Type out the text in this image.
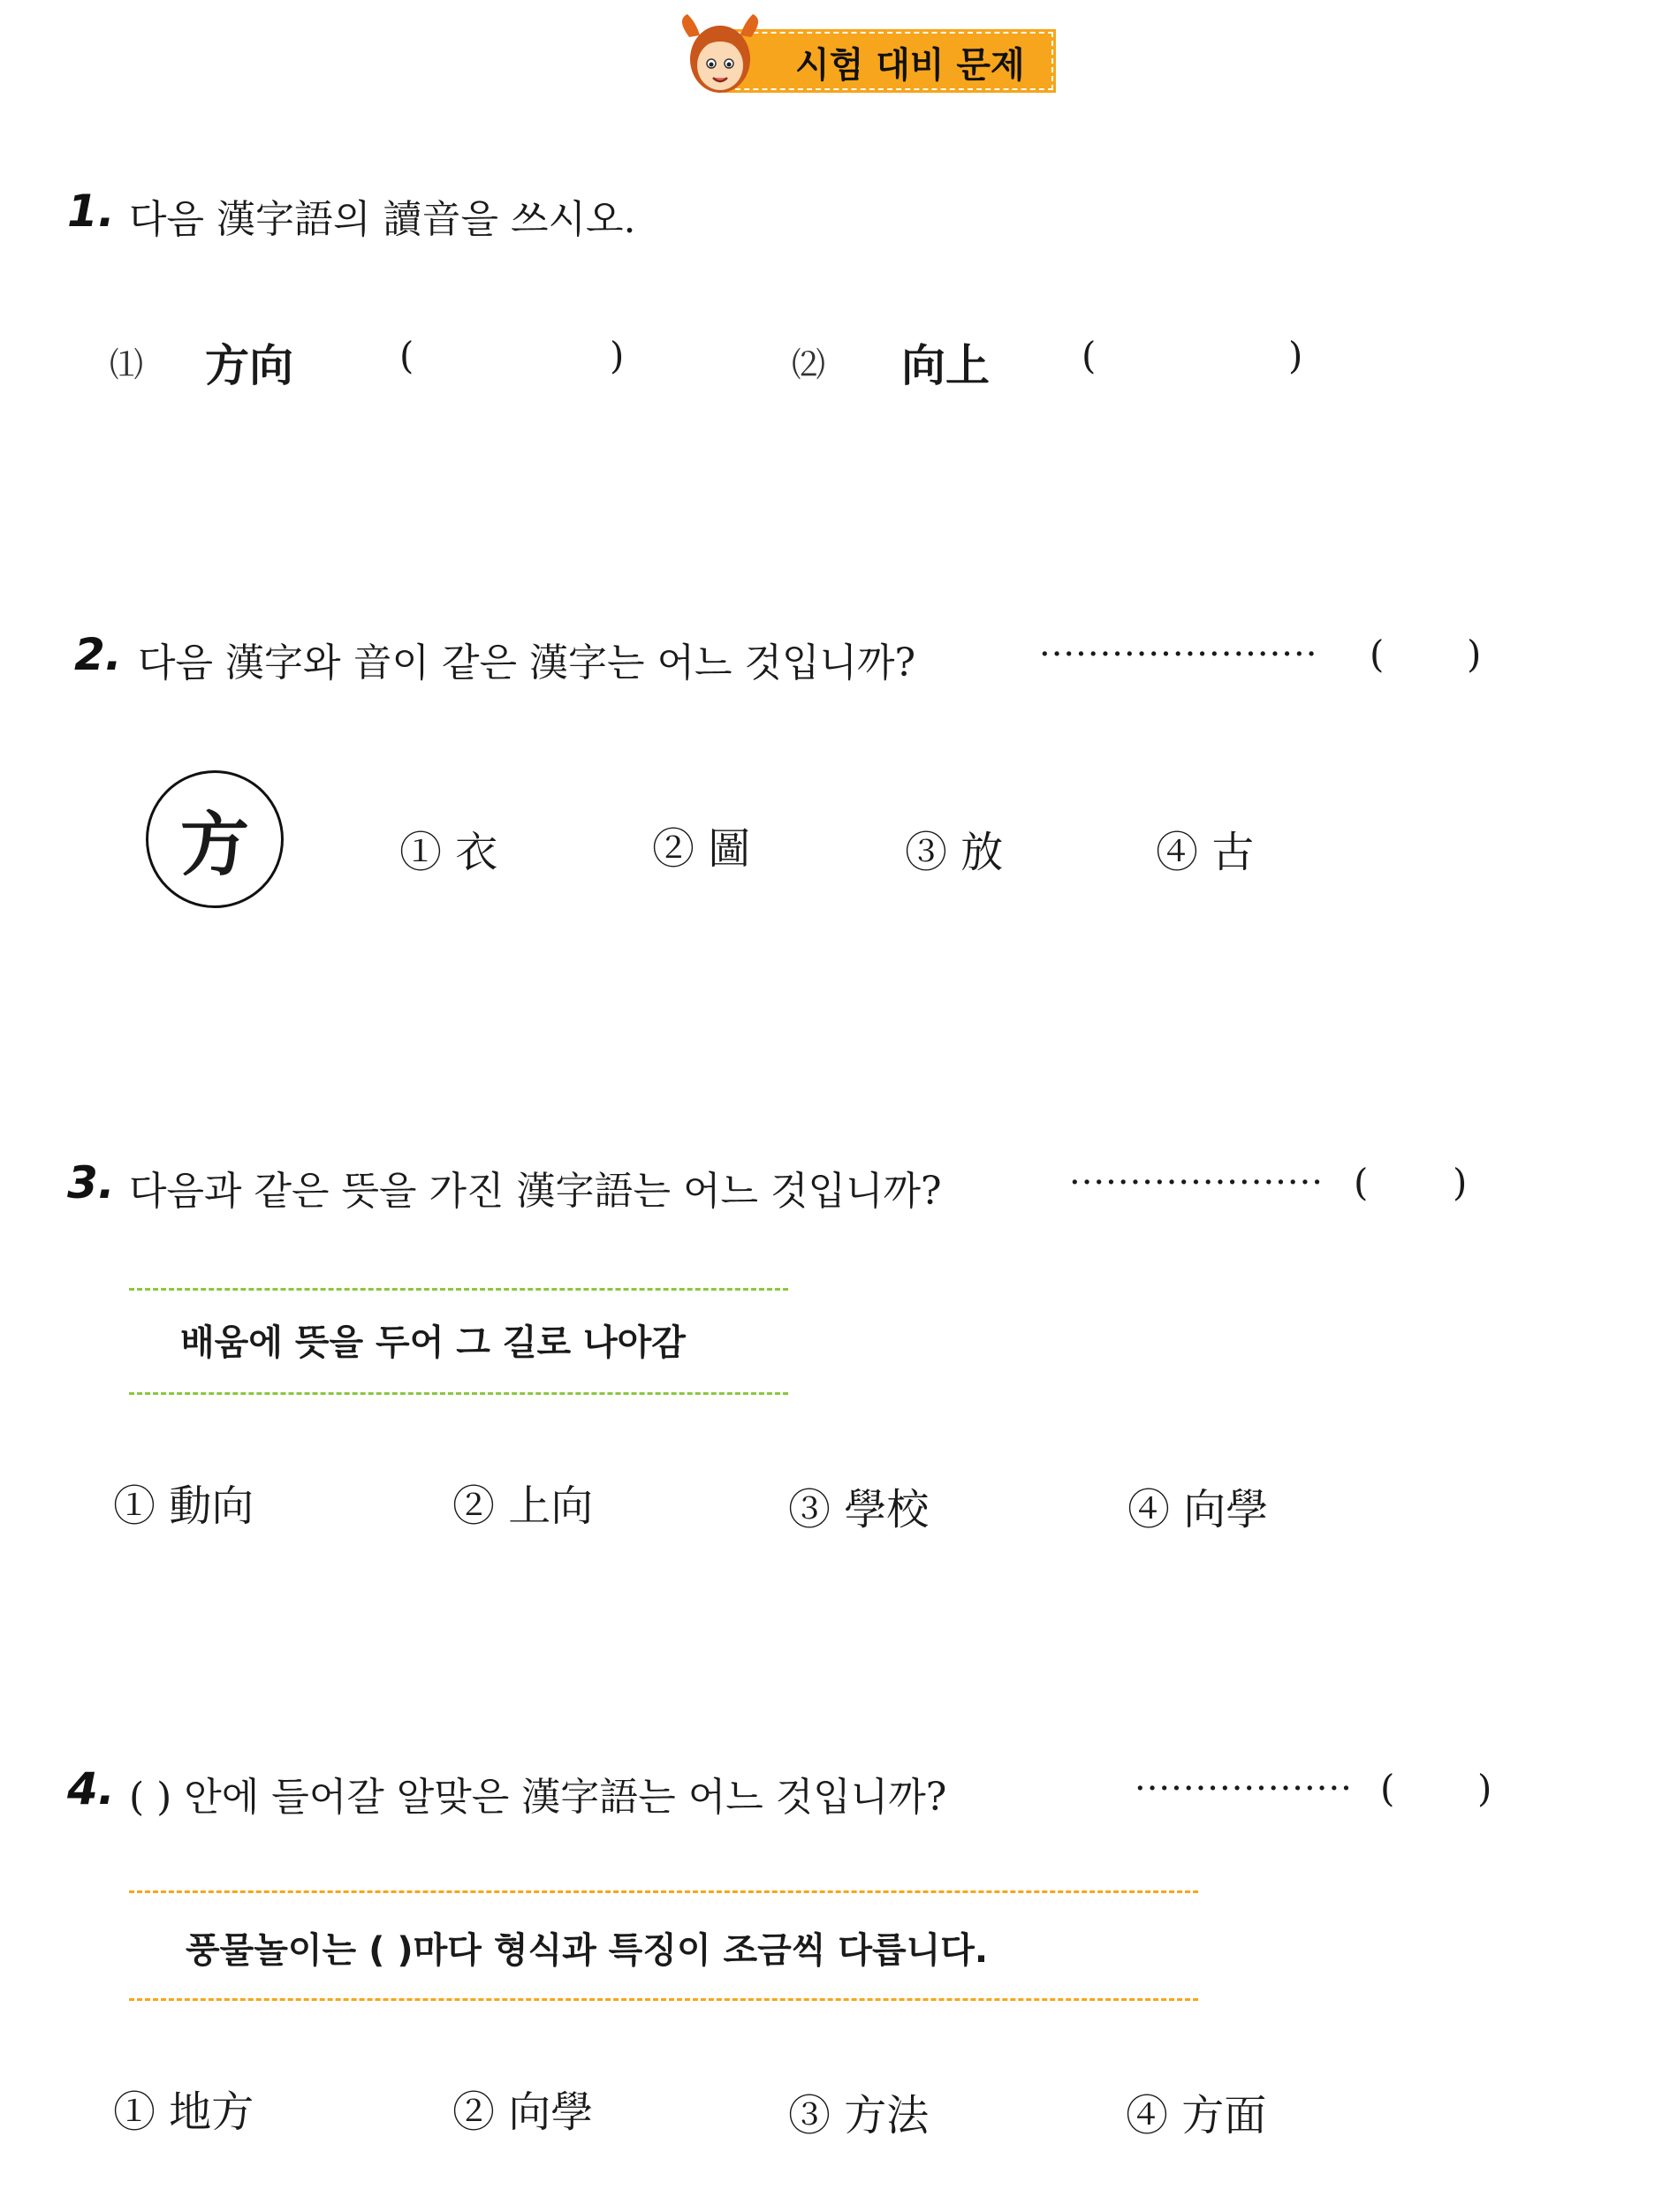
시험 대비 문제
1. 다음 漢字語의 讀音을 쓰시오.
⑴ 方向	(	)	⑵ 向上 (	)
2. 다음 漢字와 音이 같은 漢字는 어느 것입니까?	······················· ( )
方	① 衣	② 圖	③ 放	④ 古
3. 다음과 같은 뜻을 가진 漢字語는 어느 것입니까?	····················· ( )
배움에 뜻을 두어 그 길로 나아감
① 動向	② 上向	③ 學校	④ 向學
4. ( ) 안에 들어갈 알맞은 漢字語는 어느 것입니까?	·················· ( )
풍물놀이는 ( )마다 형식과 특징이 조금씩 다릅니다.
① 地方	② 向學	③ 方法	④ 方面
